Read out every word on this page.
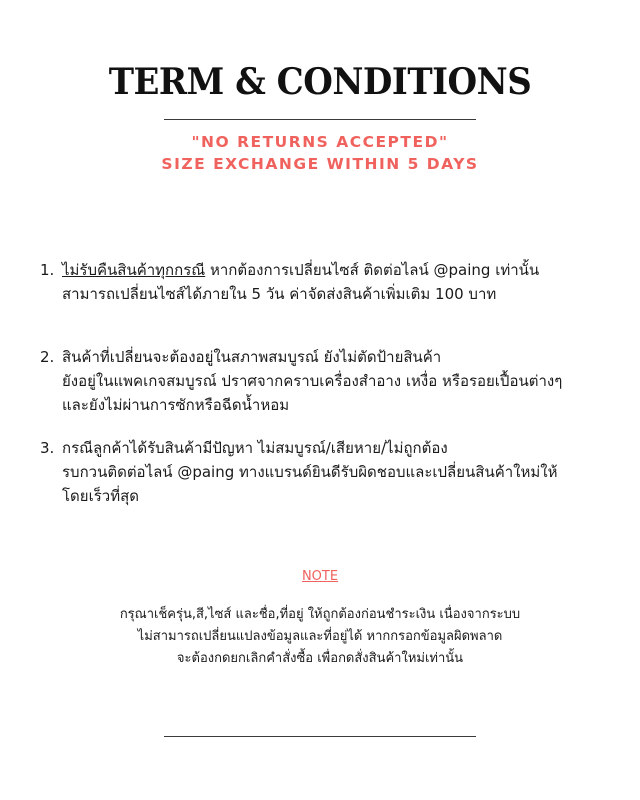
TERM & CONDITIONS
"NO RETURNS ACCEPTED"
SIZE EXCHANGE WITHIN 5 DAYS
1. ไม่รับคืนสินค้าทุกกรณี หากต้องการเปลี่ยนไซส์ ติดต่อไลน์ @paing เท่านั้น
สามารถเปลี่ยนไซส์ได้ภายใน 5 วัน ค่าจัดส่งสินค้าเพิ่มเติม 100 บาท
2. สินค้าที่เปลี่ยนจะต้องอยู่ในสภาพสมบูรณ์ ยังไม่ตัดป้ายสินค้า
ยังอยู่ในแพคเกจสมบูรณ์ ปราศจากคราบเครื่องสำอาง เหงื่อ หรือรอยเปื้อนต่างๆ
และยังไม่ผ่านการซักหรือฉีดน้ำหอม
3. กรณีลูกค้าได้รับสินค้ามีปัญหา ไม่สมบูรณ์/เสียหาย/ไม่ถูกต้อง
รบกวนติดต่อไลน์ @paing ทางแบรนด์ยินดีรับผิดชอบและเปลี่ยนสินค้าใหม่ให้
โดยเร็วที่สุด
NOTE
กรุณาเช็ครุ่น,สี,ไซส์ และชื่อ,ที่อยู่ ให้ถูกต้องก่อนชำระเงิน เนื่องจากระบบ
ไม่สามารถเปลี่ยนแปลงข้อมูลและที่อยู่ได้ หากกรอกข้อมูลผิดพลาด
จะต้องกดยกเลิกคำสั่งซื้อ เพื่อกดสั่งสินค้าใหม่เท่านั้น
